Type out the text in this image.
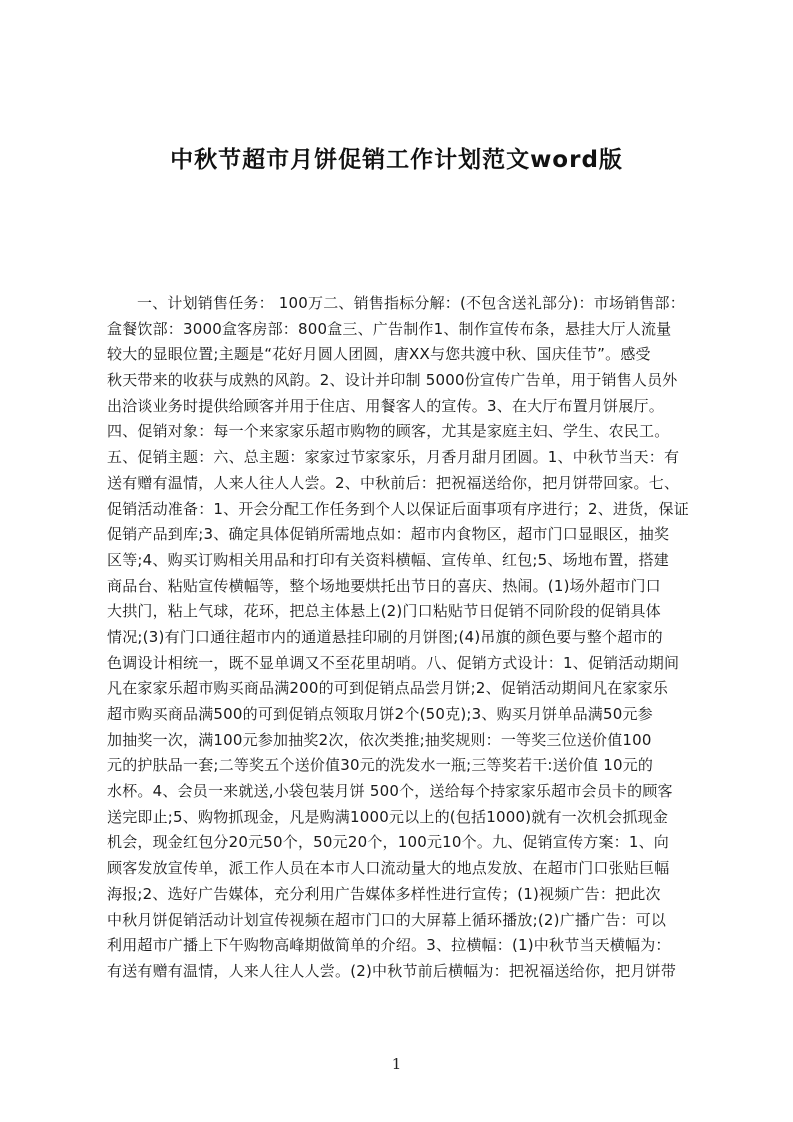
中秋节超市月饼促销工作计划范文word版
一、计划销售任务： 100万二、销售指标分解：(不包含送礼部分)：市场销售部：
盒餐饮部：3000盒客房部：800盒三、广告制作1、制作宣传布条，悬挂大厅人流量
较大的显眼位置;主题是“花好月圆人团圆，唐XX与您共渡中秋、国庆佳节”。感受
秋天带来的收获与成熟的风韵。2、设计并印制 5000份宣传广告单，用于销售人员外
出洽谈业务时提供给顾客并用于住店、用餐客人的宣传。3、在大厅布置月饼展厅。
四、促销对象：每一个来家家乐超市购物的顾客，尤其是家庭主妇、学生、农民工。
五、促销主题：六、总主题：家家过节家家乐，月香月甜月团圆。1、中秋节当天：有
送有赠有温情，人来人往人人尝。2、中秋前后：把祝福送给你，把月饼带回家。七、
促销活动准备：1、开会分配工作任务到个人以保证后面事项有序进行；2、进货，保证
促销产品到库;3、确定具体促销所需地点如：超市内食物区，超市门口显眼区，抽奖
区等;4、购买订购相关用品和打印有关资料横幅、宣传单、红包;5、场地布置，搭建
商品台、粘贴宣传横幅等，整个场地要烘托出节日的喜庆、热闹。(1)场外超市门口
大拱门，粘上气球，花环，把总主体悬上(2)门口粘贴节日促销不同阶段的促销具体
情况;(3)有门口通往超市内的通道悬挂印刷的月饼图;(4)吊旗的颜色要与整个超市的
色调设计相统一，既不显单调又不至花里胡哨。八、促销方式设计：1、促销活动期间
凡在家家乐超市购买商品满200的可到促销点品尝月饼;2、促销活动期间凡在家家乐
超市购买商品满500的可到促销点领取月饼2个(50克);3、购买月饼单品满50元参
加抽奖一次，满100元参加抽奖2次，依次类推;抽奖规则：一等奖三位送价值100
元的护肤品一套;二等奖五个送价值30元的洗发水一瓶;三等奖若干:送价值 10元的
水杯。4、会员一来就送,小袋包装月饼 500个，送给每个持家家乐超市会员卡的顾客
送完即止;5、购物抓现金，凡是购满1000元以上的(包括1000)就有一次机会抓现金
机会，现金红包分20元50个，50元20个，100元10个。九、促销宣传方案：1、向
顾客发放宣传单，派工作人员在本市人口流动量大的地点发放、在超市门口张贴巨幅
海报;2、选好广告媒体，充分利用广告媒体多样性进行宣传；(1)视频广告：把此次
中秋月饼促销活动计划宣传视频在超市门口的大屏幕上循环播放;(2)广播广告：可以
利用超市广播上下午购物高峰期做简单的介绍。3、拉横幅：(1)中秋节当天横幅为：
有送有赠有温情，人来人往人人尝。(2)中秋节前后横幅为：把祝福送给你，把月饼带
1
